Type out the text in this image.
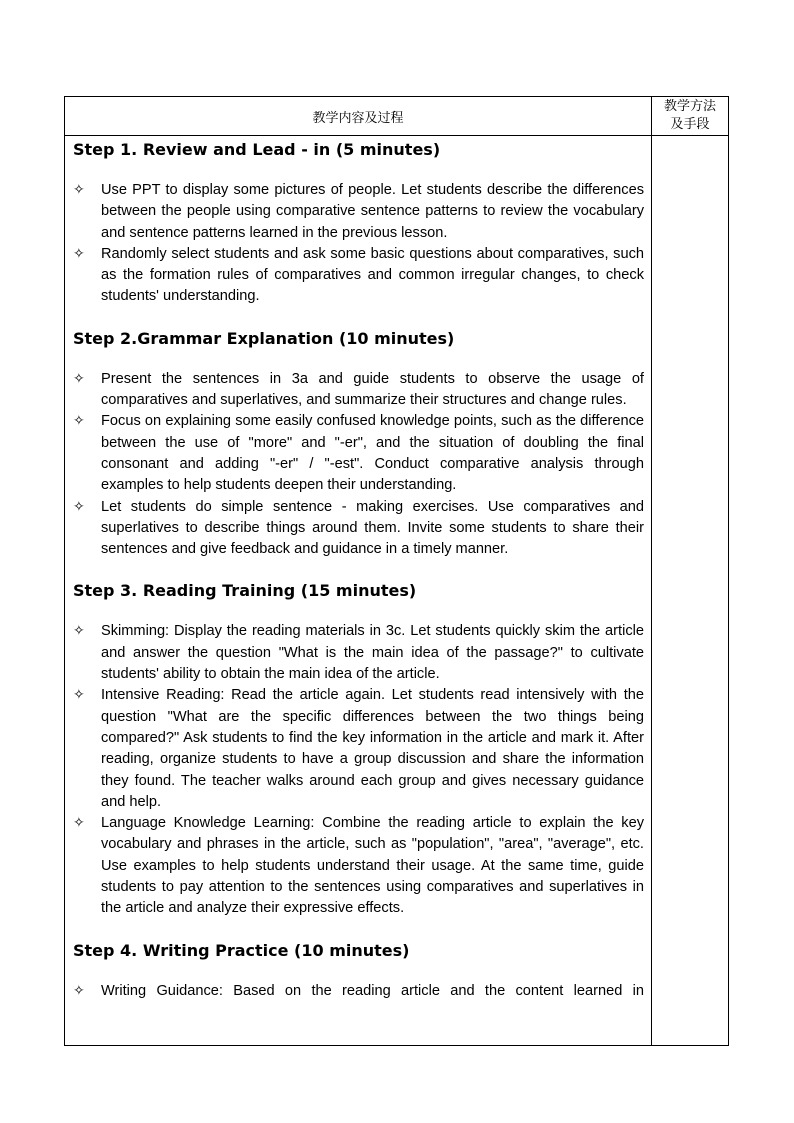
教学内容及过程
教学方法
及手段
Step 1. Review and Lead - in (5 minutes)
✧	Use PPT to display some pictures of people. Let students describe the differences between the people using comparative sentence patterns to review the vocabulary and sentence patterns learned in the previous lesson.

✧	Randomly select students and ask some basic questions about comparatives, such as the formation rules of comparatives and common irregular changes, to check students' understanding.

Step 2.Grammar Explanation (10 minutes)
✧	Present the sentences in 3a and guide students to observe the usage of comparatives and superlatives, and summarize their structures and change rules.

✧	Focus on explaining some easily confused knowledge points, such as the difference between the use of "more" and "-er", and the situation of doubling the final consonant and adding "-er" / "-est". Conduct comparative analysis through examples to help students deepen their understanding.

✧	Let students do simple sentence - making exercises. Use comparatives and superlatives to describe things around them. Invite some students to share their sentences and give feedback and guidance in a timely manner.

Step 3. Reading Training (15 minutes)
✧	Skimming: Display the reading materials in 3c. Let students quickly skim the article and answer the question "What is the main idea of the passage?" to cultivate students' ability to obtain the main idea of the article.

✧	Intensive Reading: Read the article again. Let students read intensively with the question "What are the specific differences between the two things being compared?" Ask students to find the key information in the article and mark it. After reading, organize students to have a group discussion and share the information they found. The teacher walks around each group and gives necessary guidance and help.

✧	Language Knowledge Learning: Combine the reading article to explain the key vocabulary and phrases in the article, such as "population", "area", "average", etc. Use examples to help students understand their usage. At the same time, guide students to pay attention to the sentences using comparatives and superlatives in the article and analyze their expressive effects.

Step 4. Writing Practice (10 minutes)
✧	Writing Guidance: Based on the reading article and the content learned in
